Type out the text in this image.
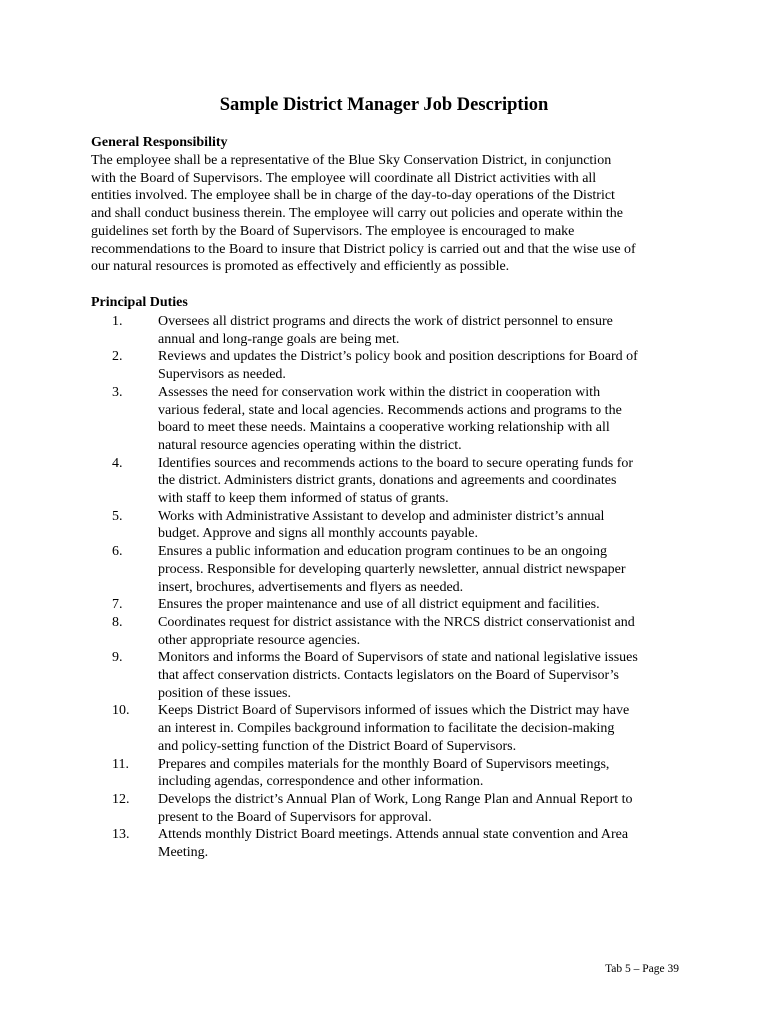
Sample District Manager Job Description
General Responsibility

The employee shall be a representative of the Blue Sky Conservation District, in conjunction
with the Board of Supervisors. The employee will coordinate all District activities with all
entities involved. The employee shall be in charge of the day-to-day operations of the District
and shall conduct business therein. The employee will carry out policies and operate within the
guidelines set forth by the Board of Supervisors. The employee is encouraged to make
recommendations to the Board to insure that District policy is carried out and that the wise use of
our natural resources is promoted as effectively and efficiently as possible.

Principal Duties
1.	Oversees all district programs and directs the work of district personnel to ensure
annual and long-range goals are being met.
2.	Reviews and updates the District’s policy book and position descriptions for Board of
Supervisors as needed.
3.	Assesses the need for conservation work within the district in cooperation with
various federal, state and local agencies. Recommends actions and programs to the
board to meet these needs. Maintains a cooperative working relationship with all
natural resource agencies operating within the district.
4.	Identifies sources and recommends actions to the board to secure operating funds for
the district. Administers district grants, donations and agreements and coordinates
with staff to keep them informed of status of grants.
5.	Works with Administrative Assistant to develop and administer district’s annual
budget. Approve and signs all monthly accounts payable.
6.	Ensures a public information and education program continues to be an ongoing
process. Responsible for developing quarterly newsletter, annual district newspaper
insert, brochures, advertisements and flyers as needed.
7.	Ensures the proper maintenance and use of all district equipment and facilities.
8.	Coordinates request for district assistance with the NRCS district conservationist and
other appropriate resource agencies.
9.	Monitors and informs the Board of Supervisors of state and national legislative issues
that affect conservation districts. Contacts legislators on the Board of Supervisor’s
position of these issues.
10. Keeps District Board of Supervisors informed of issues which the District may have
an interest in. Compiles background information to facilitate the decision-making
and policy-setting function of the District Board of Supervisors.
11. Prepares and compiles materials for the monthly Board of Supervisors meetings,
including agendas, correspondence and other information.
12. Develops the district’s Annual Plan of Work, Long Range Plan and Annual Report to
present to the Board of Supervisors for approval.
13. Attends monthly District Board meetings. Attends annual state convention and Area
Meeting.
Tab 5 – Page 39
